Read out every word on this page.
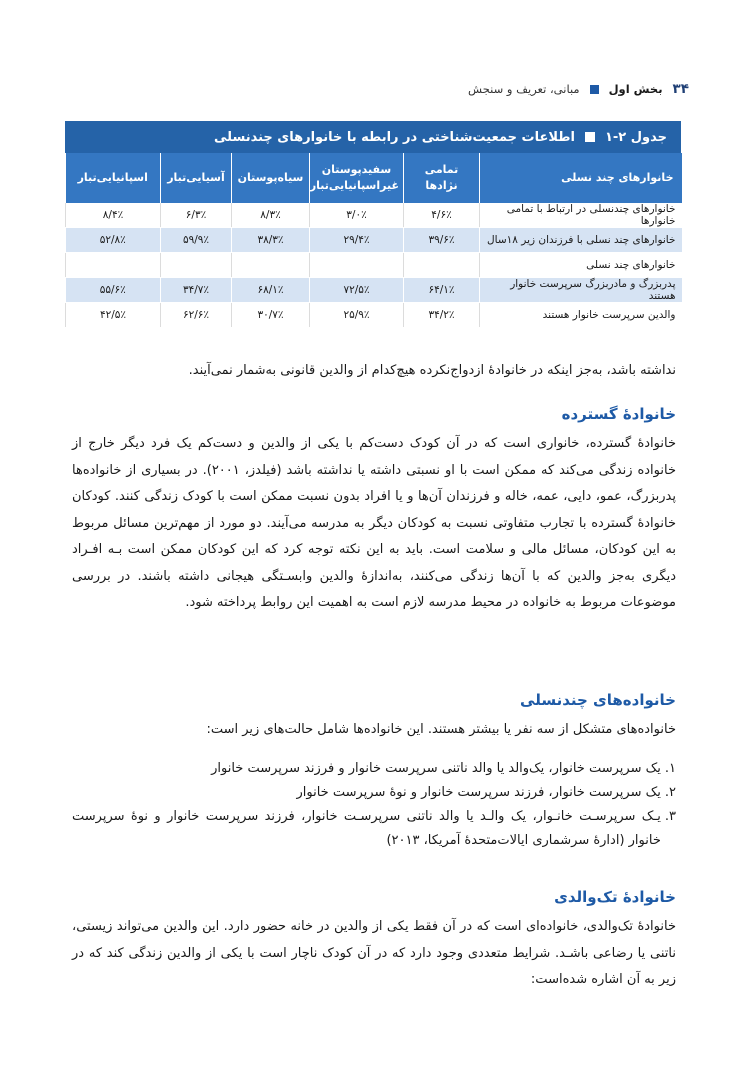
۳۴
بخش اول
مبانی، تعریف و سنجش
جدول ۲-۱
اطلاعات جمعیت‌شناختی در رابطه با خانوارهای چندنسلی
خانوارهای چند نسلی	تمامی نژادها	سفیدپوستان غیراسپانیایی‌تبار	سیاه‌پوستان	آسیایی‌تبار	اسپانیایی‌تبار
خانوارهای چندنسلی در ارتباط با تمامی خانوارها	۴/۶٪	۳/۰٪	۸/۳٪	۶/۳٪	۸/۴٪
خانوارهای چند نسلی با فرزندان زیر ۱۸سال	۳۹/۶٪	۲۹/۴٪	۳۸/۳٪	۵۹/۹٪	۵۲/۸٪
خانوارهای چند نسلی					
پدربزرگ و مادربزرگ سرپرست خانوار هستند	۶۴/۱٪	۷۲/۵٪	۶۸/۱٪	۳۴/۷٪	۵۵/۶٪
والدین سرپرست خانوار هستند	۳۴/۲٪	۲۵/۹٪	۳۰/۷٪	۶۲/۶٪	۴۲/۵٪

نداشته باشد، به‌جز اینکه در خانوادهٔ ازدواج‌نکرده هیچ‌کدام از والدین قانونی به‌شمار نمی‌آیند.

خانوادهٔ گسترده

خانوادهٔ گسترده، خانواری است که در آن کودک دست‌کم با یکی از والدین و دست‌کم یک فرد دیگر خارج از خانواده زندگی می‌کند که ممکن است با او نسبتی داشته یا نداشته باشد (فیلدز، ۲۰۰۱). در بسیاری از خانواده‌ها پدربزرگ، عمو، دایی، عمه، خاله و فرزندان آن‌ها و یا افراد بدون نسبت ممکن است با کودک زندگی کنند. کودکان خانوادهٔ گسترده با تجارب متفاوتی نسبت به کودکان دیگر به مدرسه می‌آیند. دو مورد از مهم‌ترین مسائل مربوط به این کودکان، مسائل مالی و سلامت است. باید به این نکته توجه کرد که این کودکان ممکن است بـه افـراد دیگری به‌جز والدین که با آن‌ها زندگی می‌کنند، به‌اندازهٔ والدین وابسـتگی هیجانی داشته باشند. در بررسی موضوعات مربوط به خانواده در محیط مدرسه لازم است به اهمیت این روابط پرداخته شود.

خانواده‌های چندنسلی

خانواده‌های متشکل از سه نفر یا بیشتر هستند. این خانواده‌ها شامل حالت‌های زیر است:

۱.
یک سرپرست خانوار، یک‌والد یا والد ناتنی سرپرست خانوار و فرزند سرپرست خانوار
۲.
یک سرپرست خانوار، فرزند سرپرست خانوار و نوهٔ سرپرست خانوار
۳.
یـک سرپرسـت خانـوار، یک والـد یا والد ناتنی سرپرسـت خانوار، فرزند سرپرست خانوار و نوهٔ سرپرست خانوار (ادارهٔ سرشماری ایالات‌متحدهٔ آمریکا، ۲۰۱۳)
خانوادهٔ تک‌والدی

خانوادهٔ تک‌والدی، خانواده‌ای است که در آن فقط یکی از والدین در خانه حضور دارد. این والدین می‌تواند زیستی، ناتنی یا رضاعی باشـد. شرایط متعددی وجود دارد که در آن کودک ناچار است با یکی از والدین زندگی کند که در زیر به آن اشاره شده‌است:
